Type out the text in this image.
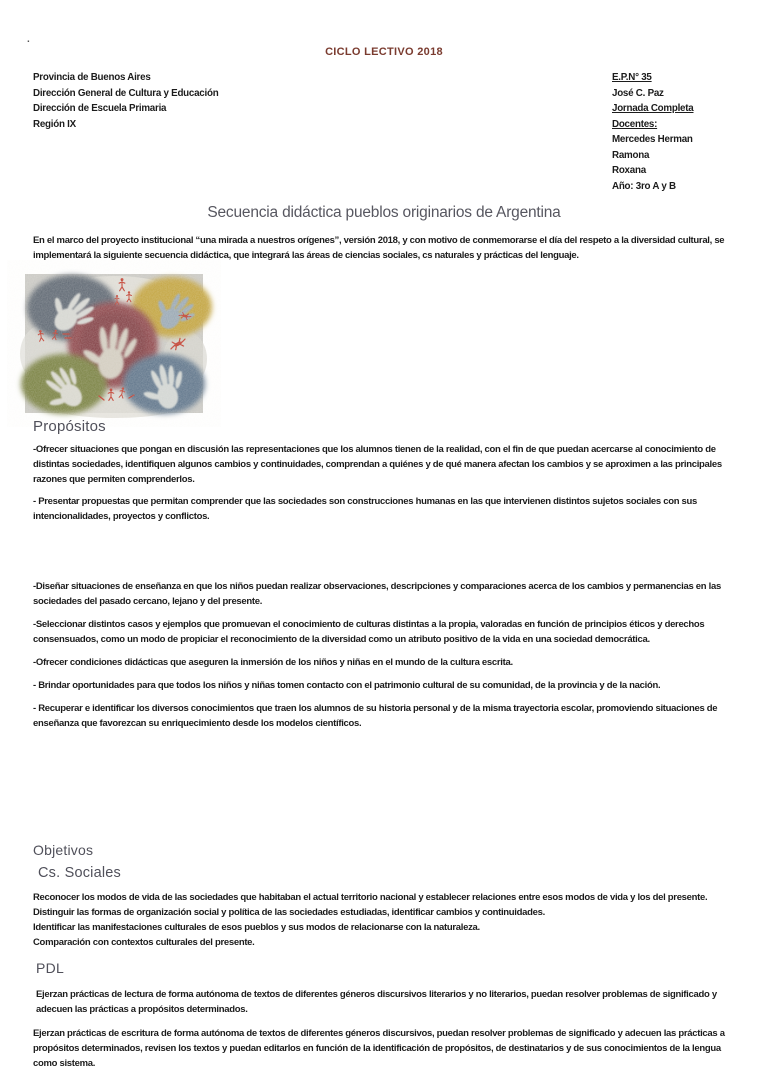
.
CICLO LECTIVO 2018
Provincia de Buenos Aires
Dirección General de Cultura y Educación
Dirección de Escuela Primaria
Región IX
E.P.N° 35
José C. Paz
Jornada Completa
Docentes:
Mercedes Herman
Ramona
Roxana
Año: 3ro A y B
Secuencia didáctica pueblos originarios de Argentina

En el marco del proyecto institucional “una mirada a nuestros orígenes”, versión 2018, y con motivo de conmemorarse el día del respeto a la diversidad cultural, se implementará la siguiente secuencia didáctica, que integrará las áreas de ciencias sociales, cs naturales y prácticas del lenguaje.

Propósitos

-Ofrecer situaciones que pongan en discusión las representaciones que los alumnos tienen de la realidad, con el fin de que puedan acercarse al conocimiento de distintas sociedades, identifiquen algunos cambios y continuidades, comprendan a quiénes y de qué manera afectan los cambios y se aproximen a las principales razones que permiten comprenderlos.

- Presentar propuestas que permitan comprender que las sociedades son construcciones humanas en las que intervienen distintos sujetos sociales con sus intencionalidades, proyectos y conflictos.

-Diseñar situaciones de enseñanza en que los niños puedan realizar observaciones, descripciones y comparaciones acerca de los cambios y permanencias en las sociedades del pasado cercano, lejano y del presente.

-Seleccionar distintos casos y ejemplos que promuevan el conocimiento de culturas distintas a la propia, valoradas en función de principios éticos y derechos consensuados, como un modo de propiciar el reconocimiento de la diversidad como un atributo positivo de la vida en una sociedad democrática.

-Ofrecer condiciones didácticas que aseguren la inmersión de los niños y niñas en el mundo de la cultura escrita.

- Brindar oportunidades para que todos los niños y niñas tomen contacto con el patrimonio cultural de su comunidad, de la provincia y de la nación.

- Recuperar e identificar los diversos conocimientos que traen los alumnos de su historia personal y de la misma trayectoria escolar, promoviendo situaciones de enseñanza que favorezcan su enriquecimiento desde los modelos científicos.

Objetivos
Cs. Sociales
Reconocer los modos de vida de las sociedades que habitaban el actual territorio nacional y establecer relaciones entre esos modos de vida y los del presente.
Distinguir las formas de organización social y política de las sociedades estudiadas, identificar cambios y continuidades.
Identificar las manifestaciones culturales de esos pueblos y sus modos de relacionarse con la naturaleza.
Comparación con contextos culturales del presente.
PDL

Ejerzan prácticas de lectura de forma autónoma de textos de diferentes géneros discursivos literarios y no literarios, puedan resolver problemas de significado y adecuen las prácticas a propósitos determinados.

Ejerzan prácticas de escritura de forma autónoma de textos de diferentes géneros discursivos, puedan resolver problemas de significado y adecuen las prácticas a propósitos determinados, revisen los textos y puedan editarlos en función de la identificación de propósitos, de destinatarios y de sus conocimientos de la lengua como sistema.
